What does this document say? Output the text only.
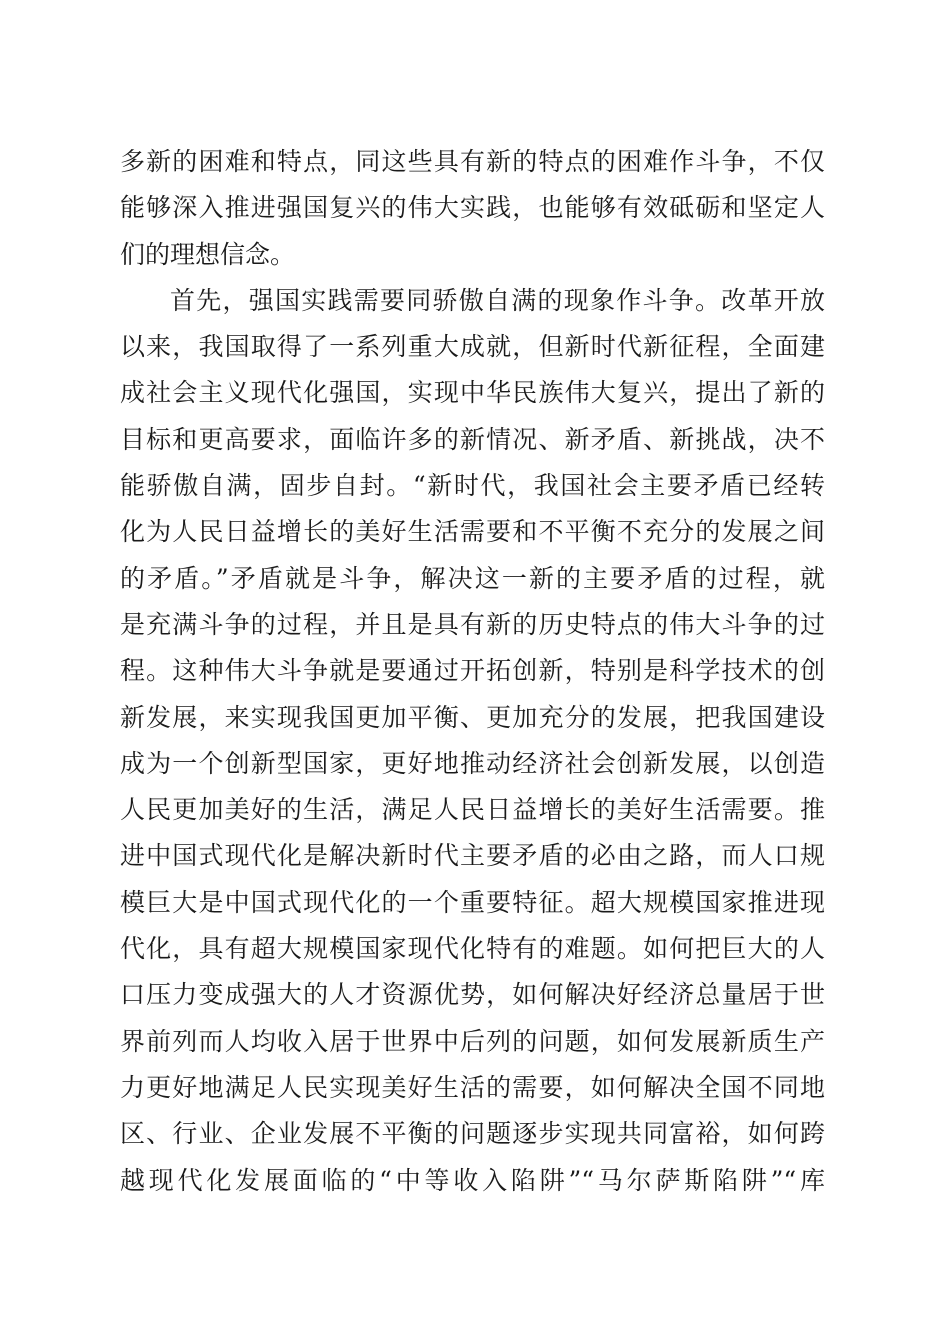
多新的困难和特点，同这些具有新的特点的困难作斗争，不仅
能够深入推进强国复兴的伟大实践，也能够有效砥砺和坚定人
们的理想信念。
首先，强国实践需要同骄傲自满的现象作斗争。改革开放
以来，我国取得了一系列重大成就，但新时代新征程，全面建
成社会主义现代化强国，实现中华民族伟大复兴，提出了新的
目标和更高要求，面临许多的新情况、新矛盾、新挑战，决不
能骄傲自满，固步自封。“新时代，我国社会主要矛盾已经转
化为人民日益增长的美好生活需要和不平衡不充分的发展之间
的矛盾。”矛盾就是斗争，解决这一新的主要矛盾的过程，就
是充满斗争的过程，并且是具有新的历史特点的伟大斗争的过
程。这种伟大斗争就是要通过开拓创新，特别是科学技术的创
新发展，来实现我国更加平衡、更加充分的发展，把我国建设
成为一个创新型国家，更好地推动经济社会创新发展，以创造
人民更加美好的生活，满足人民日益增长的美好生活需要。推
进中国式现代化是解决新时代主要矛盾的必由之路，而人口规
模巨大是中国式现代化的一个重要特征。超大规模国家推进现
代化，具有超大规模国家现代化特有的难题。如何把巨大的人
口压力变成强大的人才资源优势，如何解决好经济总量居于世
界前列而人均收入居于世界中后列的问题，如何发展新质生产
力更好地满足人民实现美好生活的需要，如何解决全国不同地
区、行业、企业发展不平衡的问题逐步实现共同富裕，如何跨
越现代化发展面临的“中等收入陷阱”“马尔萨斯陷阱”“库
